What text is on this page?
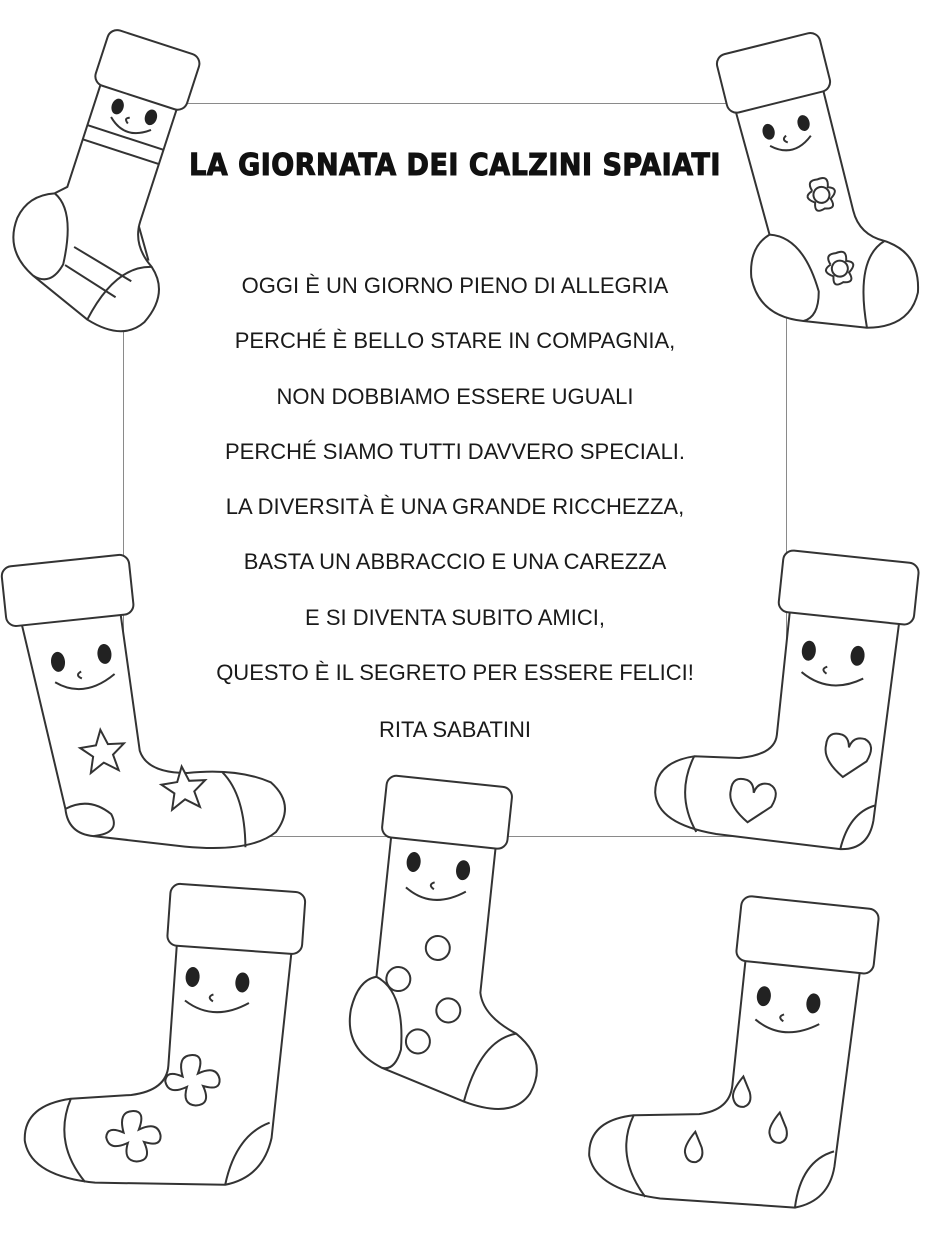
LA GIORNATA DEI CALZINI SPAIATI
OGGI È UN GIORNO PIENO DI ALLEGRIA
PERCHÉ È BELLO STARE IN COMPAGNIA,
NON DOBBIAMO ESSERE UGUALI
PERCHÉ SIAMO TUTTI DAVVERO SPECIALI.
LA DIVERSITÀ È UNA GRANDE RICCHEZZA,
BASTA UN ABBRACCIO E UNA CAREZZA
E SI DIVENTA SUBITO AMICI,
QUESTO È IL SEGRETO PER ESSERE FELICI!
RITA SABATINI
